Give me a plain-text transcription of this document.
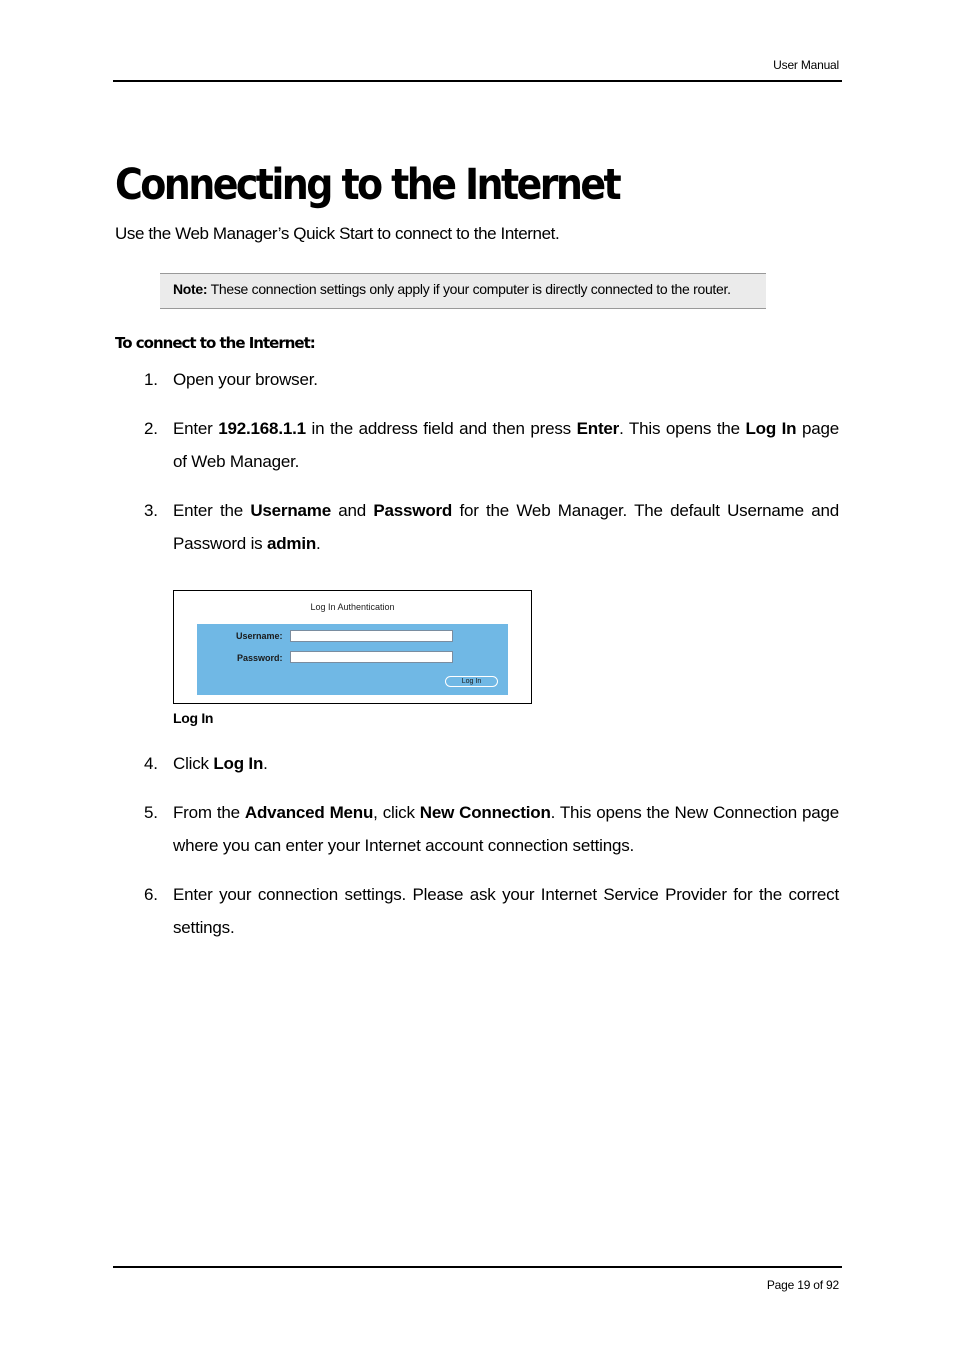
User Manual
Connecting to the Internet
Use the Web Manager’s Quick Start to connect to the Internet.
Note: These connection settings only apply if your computer is directly connected to the router.
To connect to the Internet:
1. Open your browser.
2. Enter 192.168.1.1 in the address field and then press Enter. This opens the Log In page of Web Manager.
3. Enter the Username and Password for the Web Manager. The default Username and Password is admin.
Log In Authentication
Username:
Password:
Log In
Log In
4. Click Log In.
5. From the Advanced Menu, click New Connection. This opens the New Connection page where you can enter your Internet account connection settings.
6. Enter your connection settings. Please ask your Internet Service Provider for the correct settings.
Page 19 of 92
